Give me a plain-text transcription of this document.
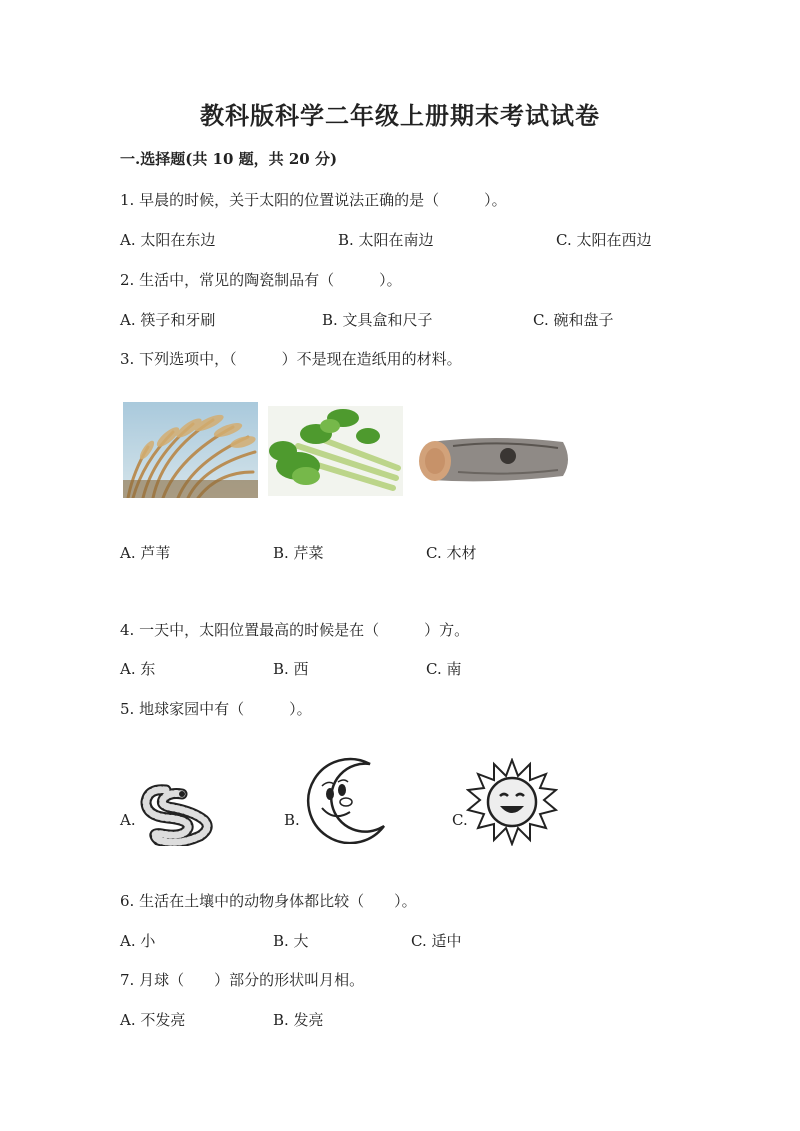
教科版科学二年级上册期末考试试卷
一.选择题(共 10 题，共 20 分)
1. 早晨的时候，关于太阳的位置说法正确的是（　　　）。
A. 太阳在东边	B. 太阳在南边	C. 太阳在西边
2. 生活中，常见的陶瓷制品有（　　　）。
A. 筷子和牙刷	B. 文具盒和尺子	C. 碗和盘子
3. 下列选项中，（　　　）不是现在造纸用的材料。
A. 芦苇	B. 芹菜	C. 木材
4. 一天中，太阳位置最高的时候是在（　　　）方。
A. 东	B. 西	C. 南
5. 地球家园中有（　　　）。
A.	B.	C.
6. 生活在土壤中的动物身体都比较（　　）。
A. 小	B. 大	C. 适中
7. 月球（　　）部分的形状叫月相。
A. 不发亮	B. 发亮
